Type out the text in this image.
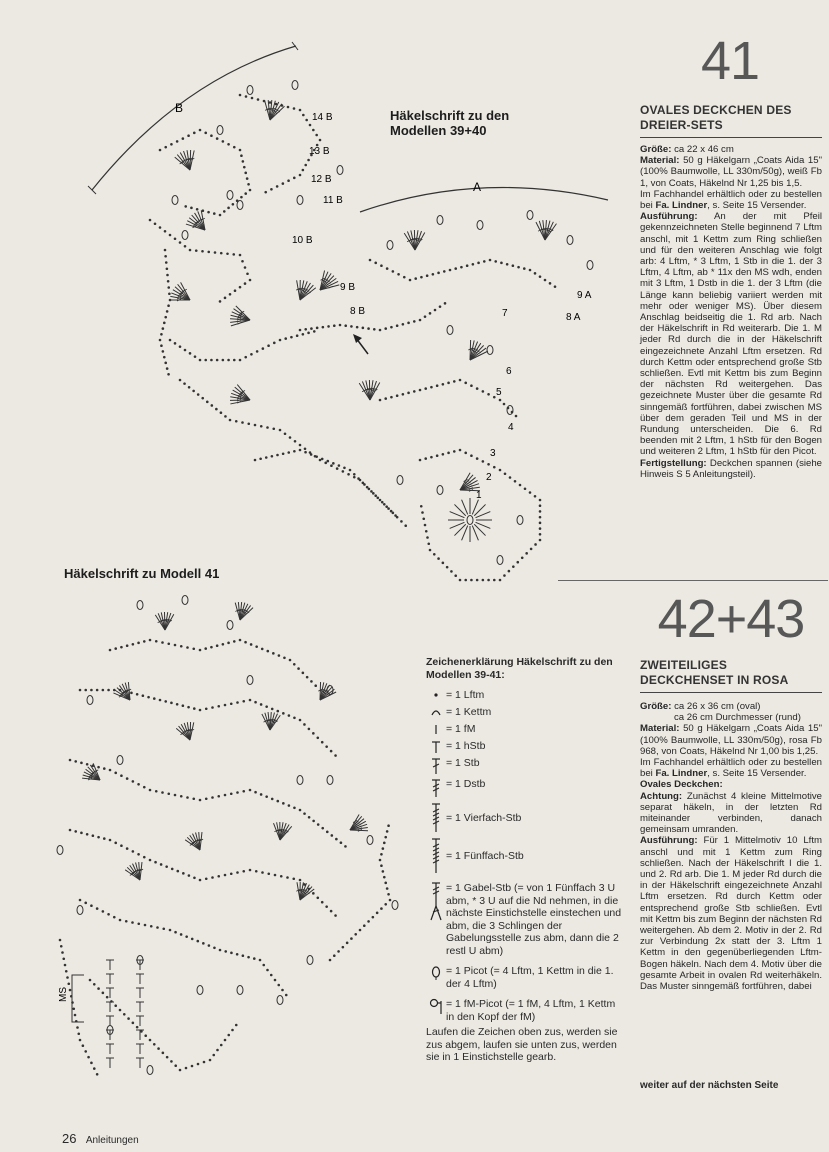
B
A
14 B
13 B
12 B
11 B
10 B
9 B
8 B
9 A
8 A
7
6
5
4
3
2
1
MS
Häkelschrift zu den
Modellen 39+40
Häkelschrift zu Modell 41
Zeichenerklärung Häkelschrift zu den Modellen 39-41:
= 1 Lftm
= 1 Kettm
= 1 fM
= 1 hStb
= 1 Stb
= 1 Dstb
= 1 Vierfach-Stb
= 1 Fünffach-Stb
= 1 Gabel-Stb (= von 1 Fünffach 3 U abm, * 3 U auf die Nd nehmen, in die nächste Einstichstelle einstechen und abm, die 3 Schlingen der Gabelungsstelle zus abm, dann die 2 restl U abm)
= 1 Picot (= 4 Lftm, 1 Kettm in die 1. der 4 Lftm)
= 1 fM-Picot (= 1 fM, 4 Lftm, 1 Kettm in den Kopf der fM)
Laufen die Zeichen oben zus, werden sie zus abgem, laufen sie unten zus, werden sie in 1 Einstichstelle gearb.
26 Anleitungen
41
OVALES DECKCHEN DES DREIER-SETS

Größe: ca 22 x 46 cm

Material: 50 g Häkelgarn „Coats Aida 15" (100% Baumwolle, LL 330m/50g), weiß Fb 1, von Coats, Häkelnd Nr 1,25 bis 1,5.

Im Fachhandel erhältlich oder zu bestellen bei Fa. Lindner, s. Seite 15 Versender.

Ausführung: An der mit Pfeil gekennzeichneten Stelle beginnend 7 Lftm anschl, mit 1 Kettm zum Ring schließen und für den weiteren Anschlag wie folgt arb: 4 Lftm, * 3 Lftm, 1 Stb in die 1. der 3 Lftm, 4 Lftm, ab * 11x den MS wdh, enden mit 3 Lftm, 1 Dstb in die 1. der 3 Lftm (die Länge kann beliebig variiert werden mit mehr oder weniger MS). Über diesem Anschlag beidseitig die 1. Rd arb. Nach der Häkelschrift in Rd weiterarb. Die 1. M jeder Rd durch die in der Häkelschrift eingezeichnete Anzahl Lftm ersetzen. Rd durch Kettm oder entsprechend große Stb schließen. Evtl mit Kettm bis zum Beginn der nächsten Rd weitergehen. Das gezeichnete Muster über die gesamte Rd sinngemäß fortführen, dabei zwischen MS über dem geraden Teil und MS in der Rundung unterscheiden. Die 6. Rd beenden mit 2 Lftm, 1 hStb für den Bogen und weiteren 2 Lftm, 1 hStb für den Picot.

Fertigstellung: Deckchen spannen (siehe Hinweis S 5 Anleitungsteil).

42+43
ZWEITEILIGES DECKCHENSET IN ROSA

Größe: ca 26 x 36 cm (oval)

ca 26 cm Durchmesser (rund)

Material: 50 g Häkelgarn „Coats Aida 15" (100% Baumwolle, LL 330m/50g), rosa Fb 968, von Coats, Häkelnd Nr 1,00 bis 1,25.

Im Fachhandel erhältlich oder zu bestellen bei Fa. Lindner, s. Seite 15 Versender.

Ovales Deckchen:

Achtung: Zunächst 4 kleine Mittelmotive separat häkeln, in der letzten Rd miteinander verbinden, danach gemeinsam umranden.

Ausführung: Für 1 Mittelmotiv 10 Lftm anschl und mit 1 Kettm zum Ring schließen. Nach der Häkelschrift I die 1. und 2. Rd arb. Die 1. M jeder Rd durch die in der Häkelschrift eingezeichnete Anzahl Lftm ersetzen. Rd durch Kettm oder entsprechend große Stb schließen. Evtl mit Kettm bis zum Beginn der nächsten Rd weitergehen. Ab dem 2. Motiv in der 2. Rd zur Verbindung 2x statt der 3. Lftm 1 Kettm in den gegenüberliegenden Lftm-Bogen häkeln. Nach dem 4. Motiv über die gesamte Arbeit in ovalen Rd weiterhäkeln. Das Muster sinngemäß fortführen, dabei

weiter auf der nächsten Seite
